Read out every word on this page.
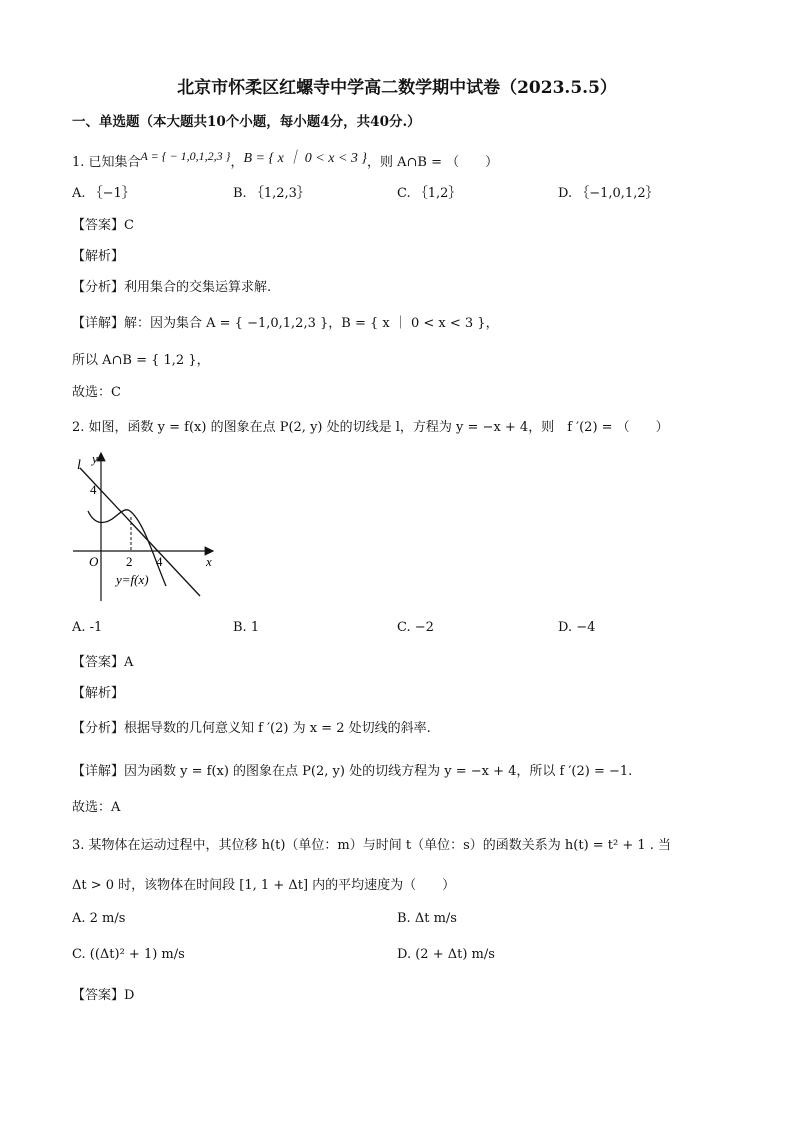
北京市怀柔区红螺寺中学高二数学期中试卷（2023.5.5）
一、单选题（本大题共10个小题，每小题4分，共40分.）
1. 已知集合A = { − 1,0,1,2,3 }，B = { x ｜ 0 < x < 3 }，则 A∩B = （　　）
A. ｛−1｝	B. ｛1,2,3｝	C. ｛1,2｝	D. ｛−1,0,1,2｝
【答案】C
【解析】
【分析】利用集合的交集运算求解.
【详解】解：因为集合 A = { −1,0,1,2,3 }，B = { x ｜ 0 < x < 3 }，
所以 A∩B = { 1,2 }，
故选：C
2. 如图，函数 y = f(x) 的图象在点 P(2, y) 处的切线是 l，方程为 y = −x + 4，则　f ′(2) = （　　）
l y
4
O 2 4	x
y=f(x)
A. -1	B. 1	C. −2	D. −4
【答案】A
【解析】
【分析】根据导数的几何意义知 f ′(2) 为 x = 2 处切线的斜率.
【详解】因为函数 y = f(x) 的图象在点 P(2, y) 处的切线方程为 y = −x + 4，所以 f ′(2) = −1.
故选：A
3. 某物体在运动过程中，其位移 h(t)（单位：m）与时间 t（单位：s）的函数关系为 h(t) = t² + 1 . 当
Δt > 0 时，该物体在时间段 [1, 1 + Δt] 内的平均速度为（　　）
A. 2 m/s	B. Δt m/s
C. ((Δt)² + 1) m/s	D. (2 + Δt) m/s
【答案】D
